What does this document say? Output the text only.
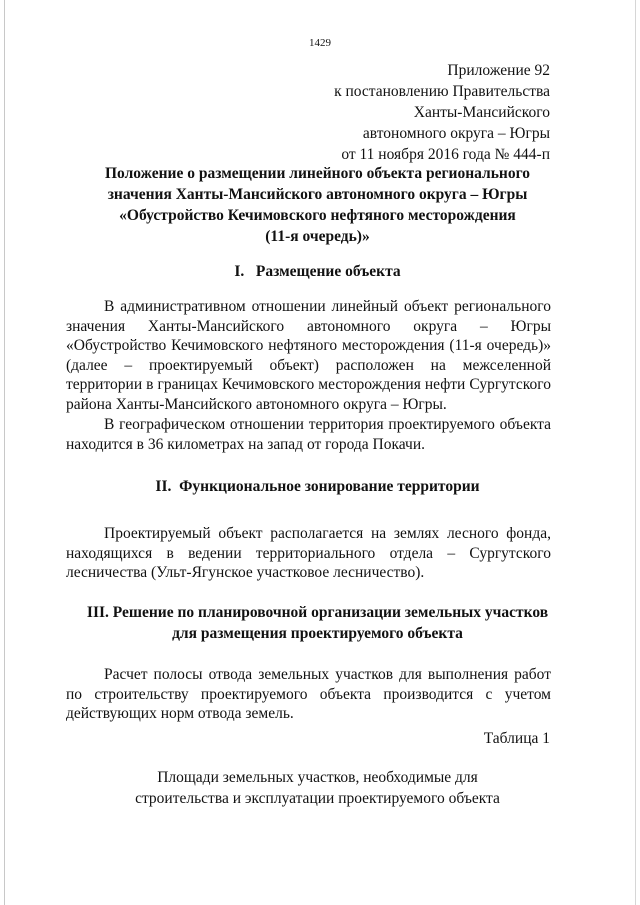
1429
Приложение 92
к постановлению Правительства
Ханты-Мансийского
автономного округа – Югры
от 11 ноября 2016 года № 444-п
Положение о размещении линейного объекта регионального
значения Ханты-Мансийского автономного округа – Югры
«Обустройство Кечимовского нефтяного месторождения
(11-я очередь)»
I.   Размещение объекта
В административном отношении линейный объект регионального значения Ханты-Мансийского автономного округа – Югры «Обустройство Кечимовского нефтяного месторождения (11-я очередь)» (далее – проектируемый объект) расположен на межселенной территории в границах Кечимовского месторождения нефти Сургутского района Ханты-Мансийского автономного округа – Югры.
В географическом отношении территория проектируемого объекта находится в 36 километрах на запад от города Покачи.
II.  Функциональное зонирование территории
Проектируемый объект располагается на землях лесного фонда, находящихся в ведении территориального отдела – Сургутского лесничества (Ульт-Ягунское участковое лесничество).
III. Решение по планировочной организации земельных участков
для размещения проектируемого объекта
Расчет полосы отвода земельных участков для выполнения работ по строительству проектируемого объекта производится с учетом действующих норм отвода земель.
Таблица 1
Площади земельных участков, необходимые для
строительства и эксплуатации проектируемого объекта
